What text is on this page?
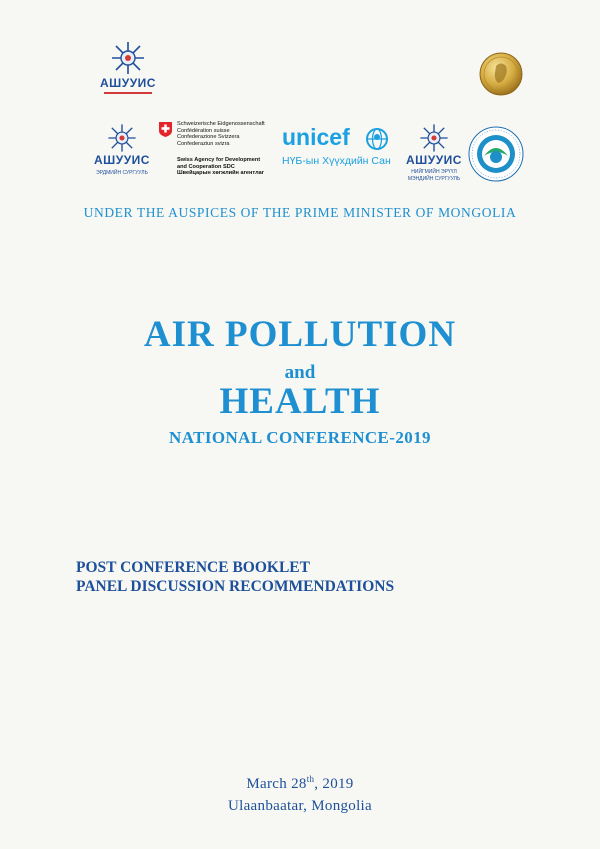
АШУУИС
АШУУИС
ЭРДМИЙН СУРГУУЛЬ
Schweizerische Eidgenossenschaft
Confédération suisse
Confederazione Svizzera
Confederaziun svizra
Swiss Agency for Development
and Cooperation SDC
Швейцарын хөгжлийн агентлаг
unicef
НҮБ-ын Хүүхдийн Сан	АШУУИС
НИЙГМИЙН ЭРҮҮЛ
МЭНДИЙН СУРГУУЛЬ
UNDER THE AUSPICES OF THE PRIME MINISTER OF MONGOLIA
AIR POLLUTION
and
HEALTH
NATIONAL CONFERENCE-2019
POST CONFERENCE BOOKLET
PANEL DISCUSSION RECOMMENDATIONS
March 28th, 2019
Ulaanbaatar, Mongolia
